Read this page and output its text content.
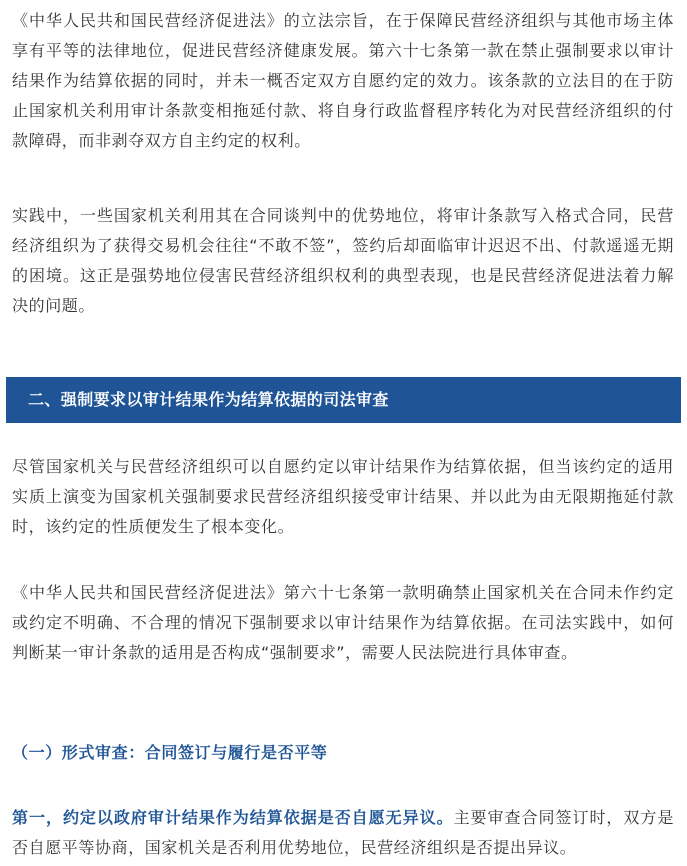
《中华人民共和国民营经济促进法》的立法宗旨，在于保障民营经济组织与其他市场主体享有平等的法律地位，促进民营经济健康发展。第六十七条第一款在禁止强制要求以审计结果作为结算依据的同时，并未一概否定双方自愿约定的效力。该条款的立法目的在于防止国家机关利用审计条款变相拖延付款、将自身行政监督程序转化为对民营经济组织的付款障碍，而非剥夺双方自主约定的权利。

实践中，一些国家机关利用其在合同谈判中的优势地位，将审计条款写入格式合同，民营经济组织为了获得交易机会往往“不敢不签”，签约后却面临审计迟迟不出、付款遥遥无期的困境。这正是强势地位侵害民营经济组织权利的典型表现，也是民营经济促进法着力解决的问题。

二、强制要求以审计结果作为结算依据的司法审查

尽管国家机关与民营经济组织可以自愿约定以审计结果作为结算依据，但当该约定的适用实质上演变为国家机关强制要求民营经济组织接受审计结果、并以此为由无限期拖延付款时，该约定的性质便发生了根本变化。

《中华人民共和国民营经济促进法》第六十七条第一款明确禁止国家机关在合同未作约定或约定不明确、不合理的情况下强制要求以审计结果作为结算依据。在司法实践中，如何判断某一审计条款的适用是否构成“强制要求”，需要人民法院进行具体审查。

（一）形式审查：合同签订与履行是否平等

第一，约定以政府审计结果作为结算依据是否自愿无异议。主要审查合同签订时，双方是否自愿平等协商，国家机关是否利用优势地位，民营经济组织是否提出异议。
